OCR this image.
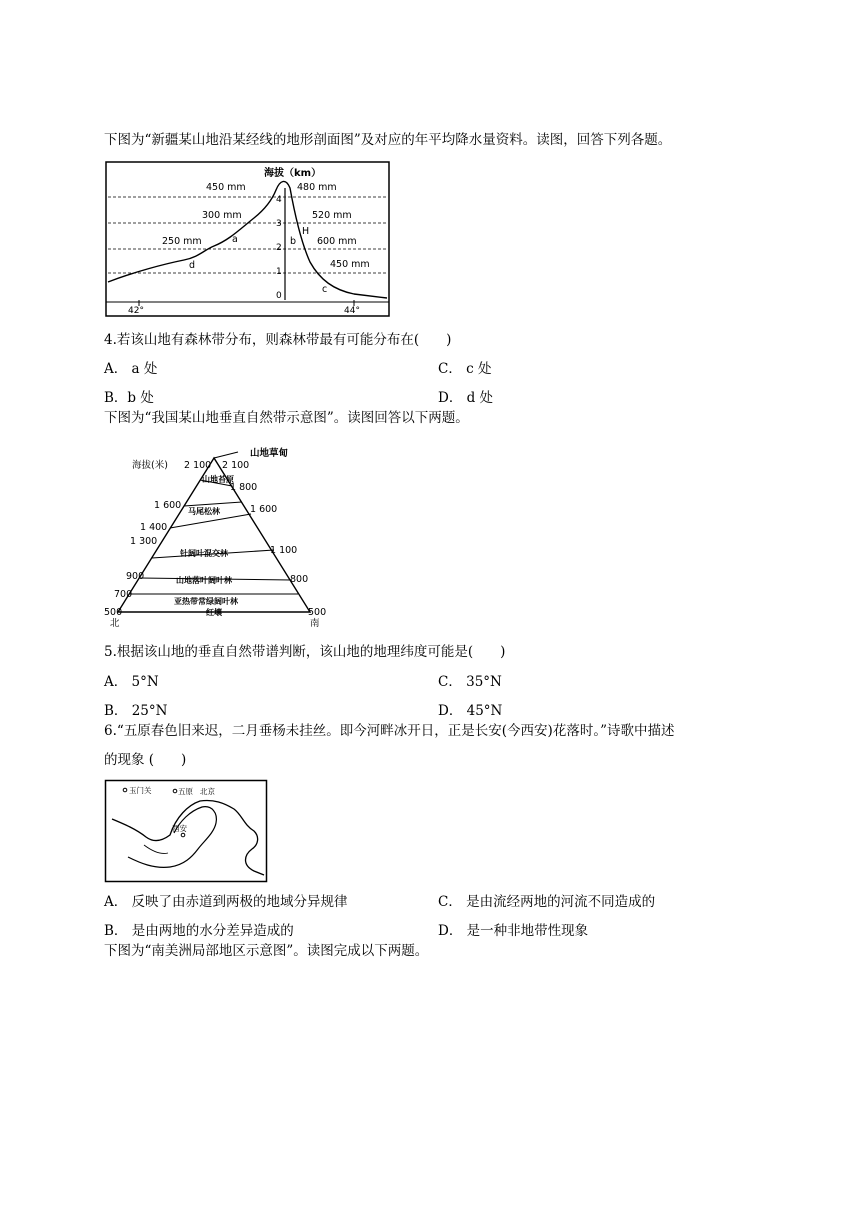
下图为“新疆某山地沿某经线的地形剖面图”及对应的年平均降水量资料。读图，回答下列各题。
海拔（km）
450 mm	480 mm
300 mm	520 mm
250 mm	600 mm
450 mm
a	b
c
d
H
4
3
2
1
0
42°	44°
4.若该山地有森林带分布，则森林带最有可能分布在(　　)
A． a 处	C． c 处
B．b 处	D． d 处
下图为“我国某山地垂直自然带示意图”。读图回答以下两题。
海拔(米)
山地草甸
2 100
1 600
1 400
1 300
900
700
500
2 100
1 800
1 600
1 100
800
500
山地苔原
马尾松林
针阔叶混交林
山地落叶阔叶林
亚热带常绿阔叶林
红壤
北	南
5.根据该山地的垂直自然带谱判断，该山地的地理纬度可能是(　　)
A． 5°N	C． 35°N
B． 25°N	D． 45°N
6.“五原春色旧来迟，二月垂杨未挂丝。即今河畔冰开日，正是长安(今西安)花落时。”诗歌中描述
的现象 (　　)
玉门关	五原 北京
西安
A． 反映了由赤道到两极的地域分异规律	C． 是由流经两地的河流不同造成的
B． 是由两地的水分差异造成的	D． 是一种非地带性现象
下图为“南美洲局部地区示意图”。读图完成以下两题。
